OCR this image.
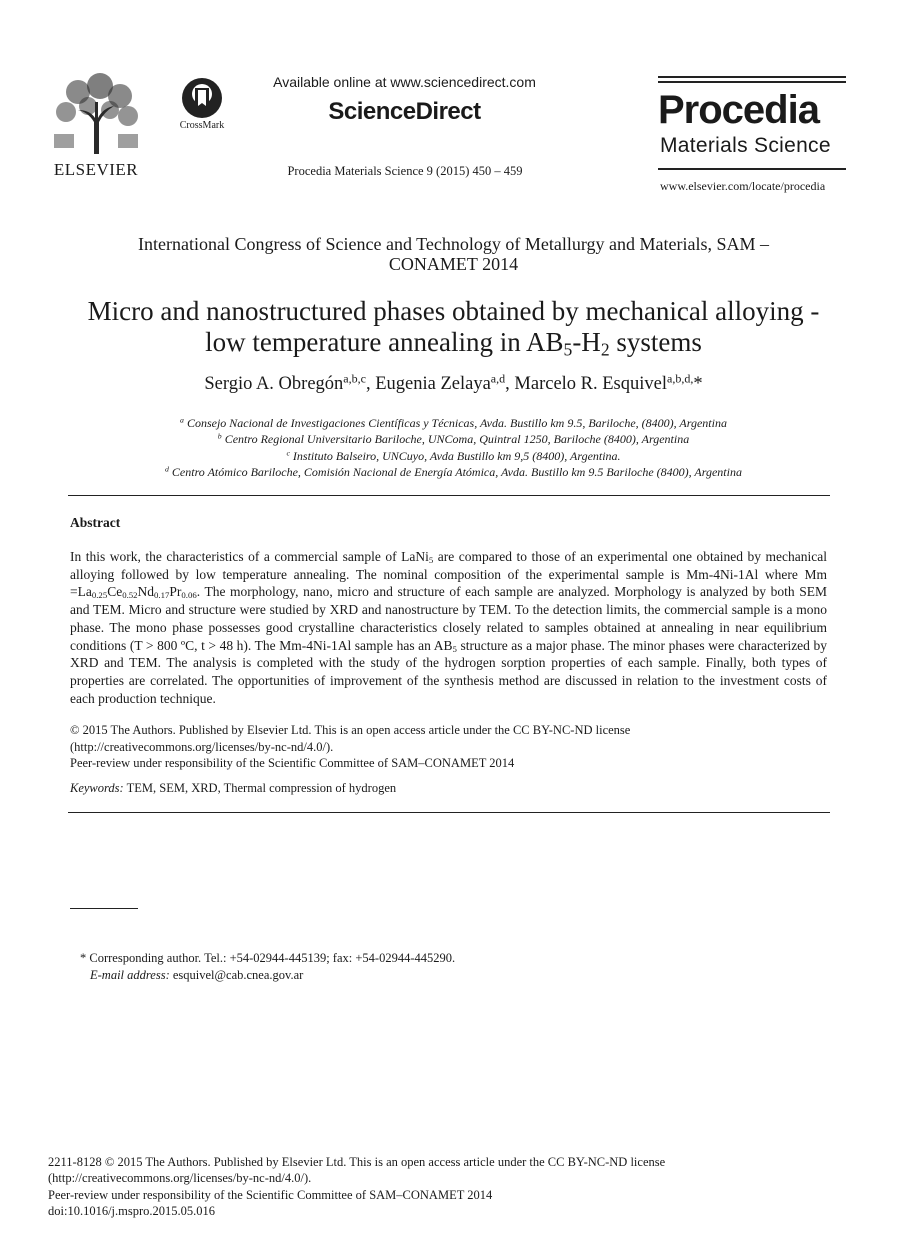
ELSEVIER
CrossMark
Available online at www.sciencedirect.com
ScienceDirect
Procedia Materials Science 9 (2015) 450 – 459
Procedia
Materials Science
www.elsevier.com/locate/procedia
International Congress of Science and Technology of Metallurgy and Materials, SAM –
CONAMET 2014
Micro and nanostructured phases obtained by mechanical alloying -
low temperature annealing in $AB_5-H_2$ systems
Sergio A. Obregón$^{a,b,c}$, Eugenia Zelaya$^{a,d}$, Marcelo R. Esquivel$^{a,b,d,}$*
$^a$ Consejo Nacional de Investigaciones Científicas y Técnicas, Avda. Bustillo km 9.5, Bariloche, (8400), Argentina
$^b$ Centro Regional Universitario Bariloche, UNComa, Quintral 1250, Bariloche (8400), Argentina
$^c$ Instituto Balseiro, UNCuyo, Avda Bustillo km 9,5 (8400), Argentina.
$^d$ Centro Atómico Bariloche, Comisión Nacional de Energía Atómica, Avda. Bustillo km 9.5 Bariloche (8400), Argentina
Abstract
In this work, the characteristics of a commercial sample of LaNi$_5$ are compared to those of an experimental one obtained by mechanical alloying followed by low temperature annealing. The nominal composition of the experimental sample is Mm-4Ni-1Al where $Mm =La_{0.25}Ce_{0.52}Nd_{0.17}Pr_{0.06}$. The morphology, nano, micro and structure of each sample are analyzed. Morphology is analyzed by both SEM and TEM. Micro and structure were studied by XRD and nanostructure by TEM. To the detection limits, the commercial sample is a mono phase. The mono phase possesses good crystalline characteristics closely related to samples obtained at annealing in near equilibrium conditions (T > 800 ºC, t > 48 h). The Mm-4Ni-1Al sample has an $AB_5$ structure as a major phase. The minor phases were characterized by XRD and TEM. The analysis is completed with the study of the hydrogen sorption properties of each sample. Finally, both types of properties are correlated. The opportunities of improvement of the synthesis method are discussed in relation to the investment costs of each production technique.
© 2015 The Authors. Published by Elsevier Ltd. This is an open access article under the CC BY-NC-ND license
(http://creativecommons.org/licenses/by-nc-nd/4.0/).
Peer-review under responsibility of the Scientific Committee of SAM–CONAMET 2014
Keywords: TEM, SEM, XRD, Thermal compression of hydrogen
* Corresponding author. Tel.: +54-02944-445139; fax: +54-02944-445290.
E-mail address: esquivel@cab.cnea.gov.ar
2211-8128 © 2015 The Authors. Published by Elsevier Ltd. This is an open access article under the CC BY-NC-ND license
(http://creativecommons.org/licenses/by-nc-nd/4.0/).
Peer-review under responsibility of the Scientific Committee of SAM–CONAMET 2014
doi:10.1016/j.mspro.2015.05.016
